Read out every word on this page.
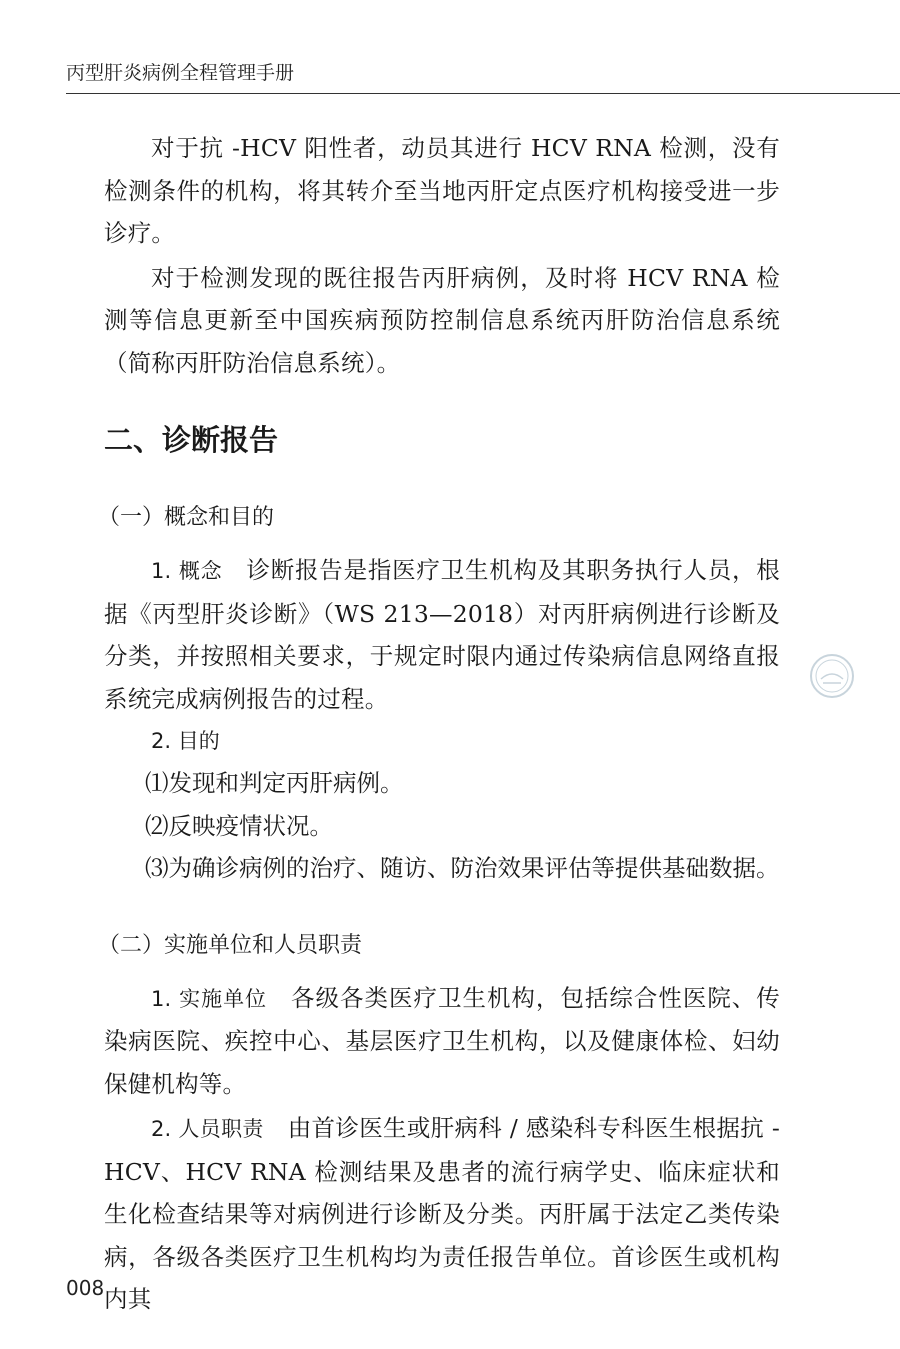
丙型肝炎病例全程管理手册

对于抗 -HCV 阳性者，动员其进行 HCV RNA 检测，没有检测条件的机构，将其转介至当地丙肝定点医疗机构接受进一步诊疗。

对于检测发现的既往报告丙肝病例，及时将 HCV RNA 检测等信息更新至中国疾病预防控制信息系统丙肝防治信息系统（简称丙肝防治信息系统）。

二、诊断报告
（一）概念和目的

1. 概念 诊断报告是指医疗卫生机构及其职务执行人员，根据《丙型肝炎诊断》（WS 213—2018）对丙肝病例进行诊断及分类，并按照相关要求，于规定时限内通过传染病信息网络直报系统完成病例报告的过程。

2. 目的

⑴发现和判定丙肝病例。

⑵反映疫情状况。

⑶为确诊病例的治疗、随访、防治效果评估等提供基础数据。

（二）实施单位和人员职责

1. 实施单位 各级各类医疗卫生机构，包括综合性医院、传染病医院、疾控中心、基层医疗卫生机构，以及健康体检、妇幼保健机构等。

2. 人员职责 由首诊医生或肝病科 / 感染科专科医生根据抗 -HCV、HCV RNA 检测结果及患者的流行病学史、临床症状和生化检查结果等对病例进行诊断及分类。丙肝属于法定乙类传染病，各级各类医疗卫生机构均为责任报告单位。首诊医生或机构内其

008
